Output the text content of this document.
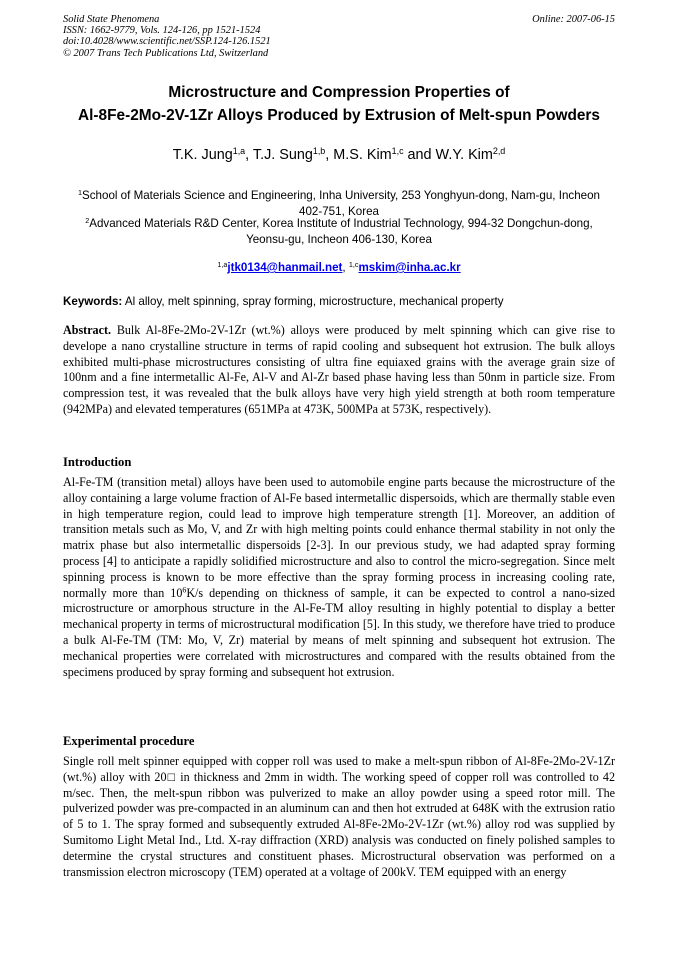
Solid State Phenomena
ISSN: 1662-9779, Vols. 124-126, pp 1521-1524
doi:10.4028/www.scientific.net/SSP.124-126.1521
© 2007 Trans Tech Publications Ltd, Switzerland
Online: 2007-06-15
Microstructure and Compression Properties of
Al-8Fe-2Mo-2V-1Zr Alloys Produced by Extrusion of Melt-spun Powders
T.K. Jung$^{1,a}$, T.J. Sung$^{1,b}$, M.S. Kim$^{1,c}$ and W.Y. Kim$^{2,d}$
$^1$School of Materials Science and Engineering, Inha University, 253 Yonghyun-dong, Nam-gu, Incheon 402-751, Korea
$^2$Advanced Materials R&D Center, Korea Institute of Industrial Technology, 994-32 Dongchun-dong, Yeonsu-gu, Incheon 406-130, Korea
$^{1,a}$jtk0134@hanmail.net, $^{1,c}$mskim@inha.ac.kr
Keywords: Al alloy, melt spinning, spray forming, microstructure, mechanical property
Abstract. Bulk Al-8Fe-2Mo-2V-1Zr (wt.%) alloys were produced by melt spinning which can give rise to develope a nano crystalline structure in terms of rapid cooling and subsequent hot extrusion. The bulk alloys exhibited multi-phase microstructures consisting of ultra fine equiaxed grains with the average grain size of 100nm and a fine intermetallic Al-Fe, Al-V and Al-Zr based phase having less than 50nm in particle size. From compression test, it was revealed that the bulk alloys have very high yield strength at both room temperature (942MPa) and elevated temperatures (651MPa at 473K, 500MPa at 573K, respectively).
Introduction
Al-Fe-TM (transition metal) alloys have been used to automobile engine parts because the microstructure of the alloy containing a large volume fraction of Al-Fe based intermetallic dispersoids, which are thermally stable even in high temperature region, could lead to improve high temperature strength [1]. Moreover, an addition of transition metals such as Mo, V, and Zr with high melting points could enhance thermal stability in not only the matrix phase but also intermetallic dispersoids [2-3]. In our previous study, we had adapted spray forming process [4] to anticipate a rapidly solidified microstructure and also to control the micro-segregation. Since melt spinning process is known to be more effective than the spray forming process in increasing cooling rate, normally more than $10^6K/s$ depending on thickness of sample, it can be expected to control a nano-sized microstructure or amorphous structure in the Al-Fe-TM alloy resulting in highly potential to display a better mechanical property in terms of microstructural modification [5]. In this study, we therefore have tried to produce a bulk Al-Fe-TM (TM: Mo, V, Zr) material by means of melt spinning and subsequent hot extrusion. The mechanical properties were correlated with microstructures and compared with the results obtained from the specimens produced by spray forming and subsequent hot extrusion.
Experimental procedure
Single roll melt spinner equipped with copper roll was used to make a melt-spun ribbon of Al-8Fe-2Mo-2V-1Zr (wt.%) alloy with 20□ in thickness and 2mm in width. The working speed of copper roll was controlled to 42 m/sec. Then, the melt-spun ribbon was pulverized to make an alloy powder using a speed rotor mill. The pulverized powder was pre-compacted in an aluminum can and then hot extruded at 648K with the extrusion ratio of 5 to 1. The spray formed and subsequently extruded Al-8Fe-2Mo-2V-1Zr (wt.%) alloy rod was supplied by Sumitomo Light Metal Ind., Ltd. X-ray diffraction (XRD) analysis was conducted on finely polished samples to determine the crystal structures and constituent phases. Microstructural observation was performed on a transmission electron microscopy (TEM) operated at a voltage of 200kV. TEM equipped with an energy
